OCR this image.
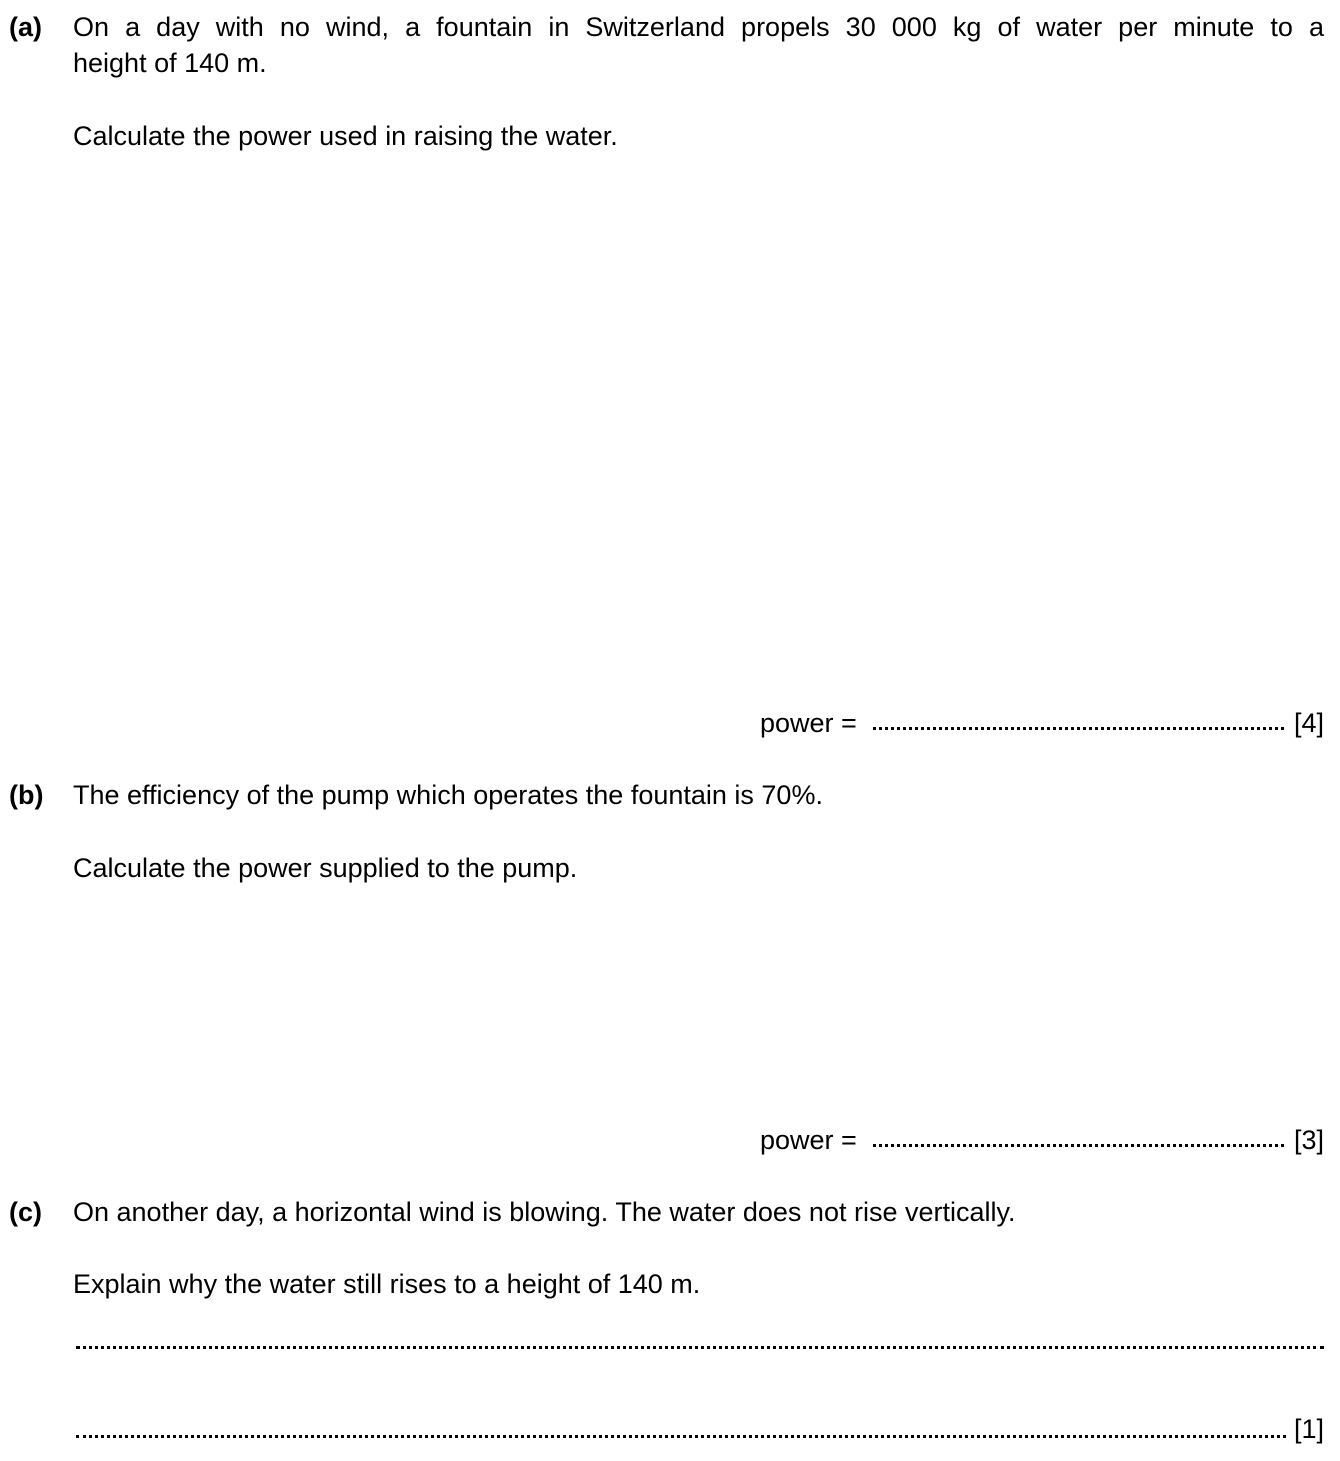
(a) On a day with no wind, a fountain in Switzerland propels 30 000 kg of water per minute to a
height of 140 m.
Calculate the power used in raising the water.
power =	[4]
(b) The efficiency of the pump which operates the fountain is 70%.
Calculate the power supplied to the pump.
power =	[3]
(c) On another day, a horizontal wind is blowing. The water does not rise vertically.
Explain why the water still rises to a height of 140 m.
[1]
